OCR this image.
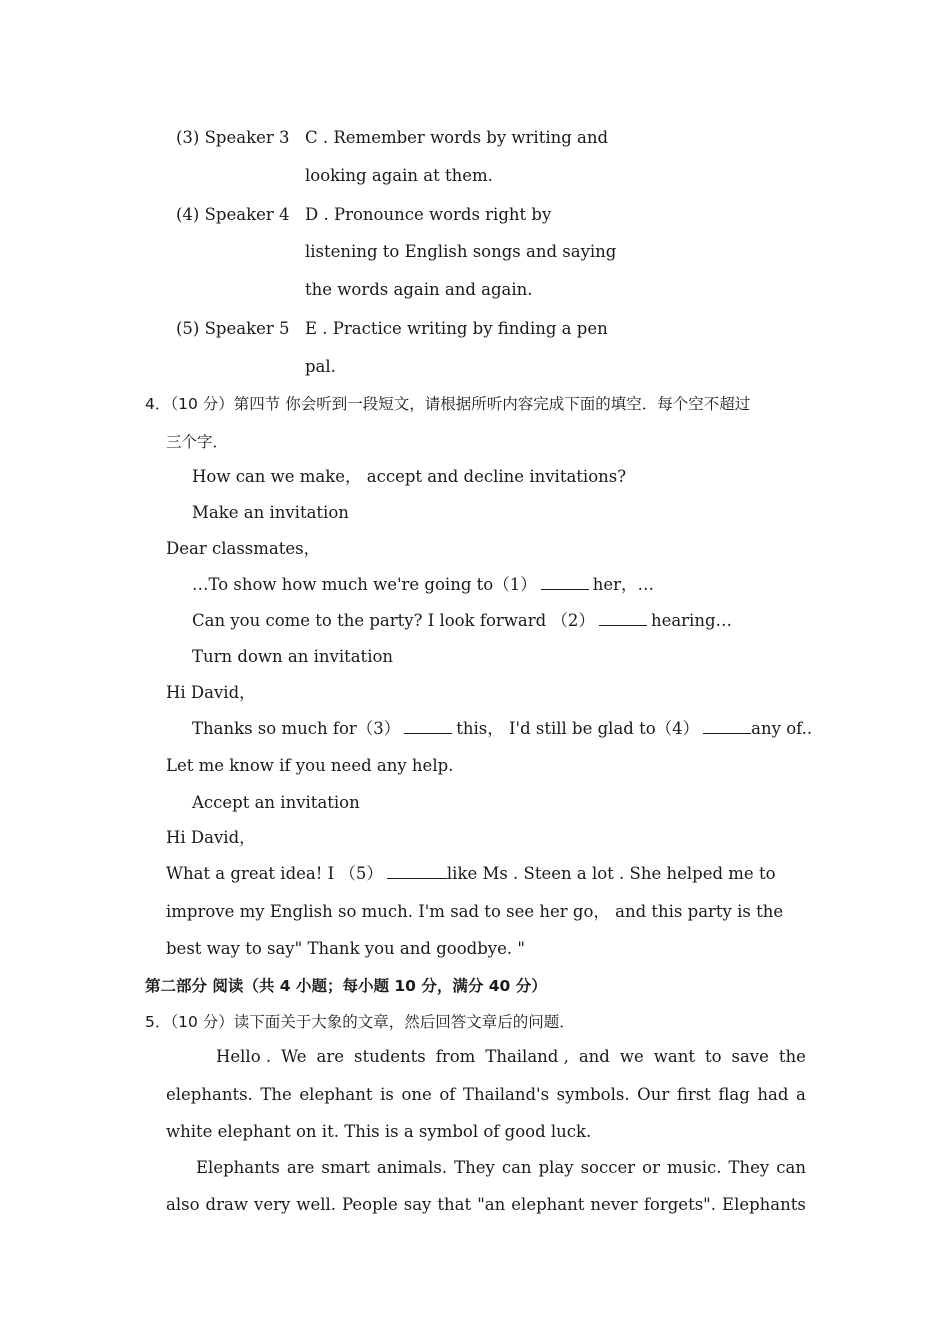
(3) Speaker 3 C . Remember words by writing and
looking again at them.
(4) Speaker 4 D . Pronounce words right by
listening to English songs and saying
the words again and again.
(5) Speaker 5 E . Practice writing by finding a pen
pal.
4．（10 分）第四节 你会听到一段短文，请根据所听内容完成下面的填空．每个空不超过
三个字．
How can we make， accept and decline invitations?
Make an invitation
Dear classmates，
…To show how much we're going to（1）	her，…
Can you come to the party? I look forward （2）	hearing…
Turn down an invitation
Hi David，
Thanks so much for（3）	this， I'd still be glad to（4）	any of..
Let me know if you need any help.
Accept an invitation
Hi David，
What a great idea! I （5）	like Ms . Steen a lot . She helped me to
improve my English so much. I'm sad to see her go， and this party is the
best way to say" Thank you and goodbye. "
第二部分 阅读（共 4 小题；每小题 10 分，满分 40 分）
5．（10 分）读下面关于大象的文章，然后回答文章后的问题．
Hello . We are students from Thailand , and we want to save the
elephants. The elephant is one of Thailand's symbols. Our first flag had a
white elephant on it. This is a symbol of good luck.
Elephants are smart animals. They can play soccer or music. They can
also draw very well. People say that "an elephant never forgets". Elephants
